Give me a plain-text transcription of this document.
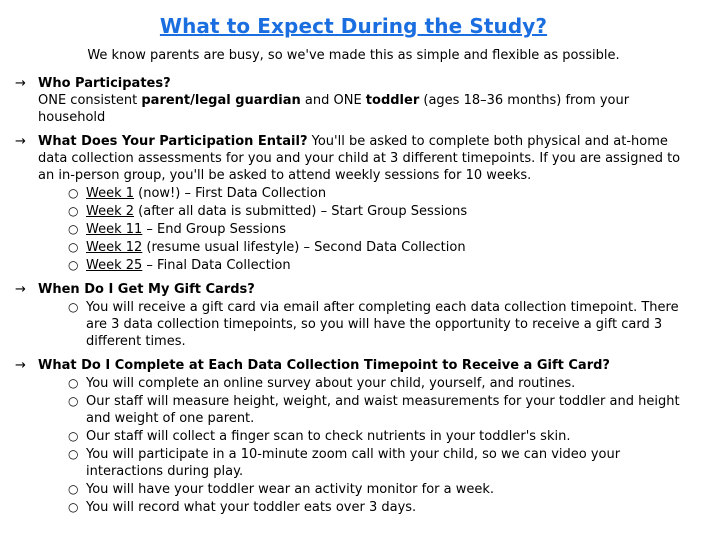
What to Expect During the Study?

We know parents are busy, so we've made this as simple and flexible as possible.

→ Who Participates?
ONE consistent parent/legal guardian and ONE toddler (ages 18–36 months) from your household
→ What Does Your Participation Entail? You'll be asked to complete both physical and at-home data collection assessments for you and your child at 3 different timepoints. If you are assigned to an in-person group, you'll be asked to attend weekly sessions for 10 weeks.
○ Week 1 (now!) – First Data Collection
○ Week 2 (after all data is submitted) – Start Group Sessions
○ Week 11 – End Group Sessions
○ Week 12 (resume usual lifestyle) – Second Data Collection
○ Week 25 – Final Data Collection
→ When Do I Get My Gift Cards?
○ You will receive a gift card via email after completing each data collection timepoint. There are 3 data collection timepoints, so you will have the opportunity to receive a gift card 3 different times.
→ What Do I Complete at Each Data Collection Timepoint to Receive a Gift Card?
○ You will complete an online survey about your child, yourself, and routines.
○ Our staff will measure height, weight, and waist measurements for your toddler and height and weight of one parent.
○ Our staff will collect a finger scan to check nutrients in your toddler's skin.
○ You will participate in a 10-minute zoom call with your child, so we can video your interactions during play.
○ You will have your toddler wear an activity monitor for a week.
○ You will record what your toddler eats over 3 days.
